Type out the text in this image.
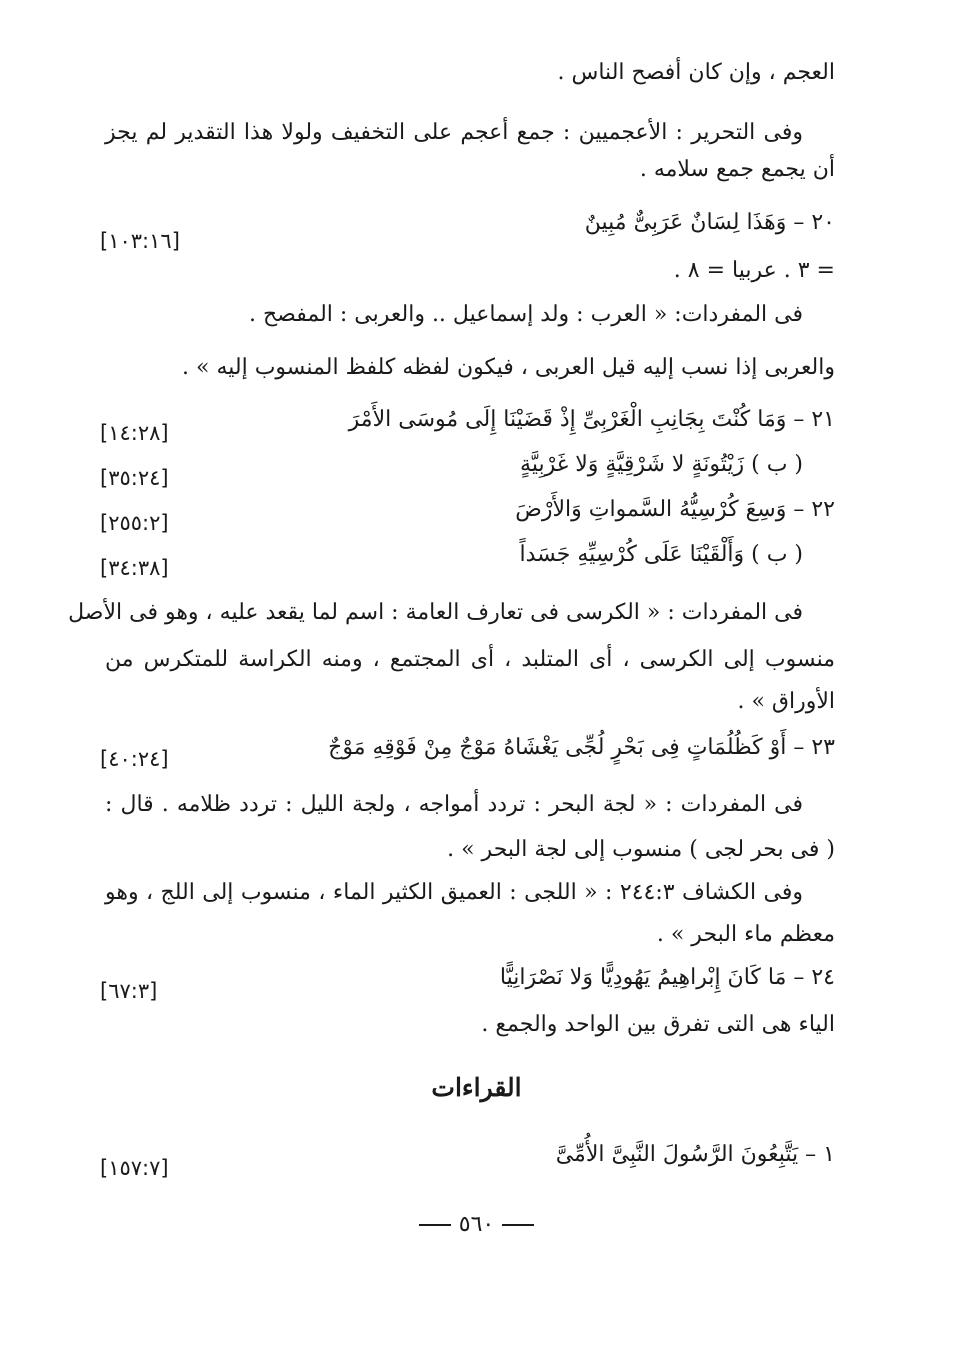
العجم ، وإن كان أفصح الناس .
وفى التحرير : الأعجميين : جمع أعجم على التخفيف ولولا هذا التقدير لم يجز
أن يجمع جمع سلامه .
٢٠ – وَهَذَا لِسَانٌ عَرَبِىٌّ مُبِينٌ
[١٠٣:١٦]
= ٣ . عربيا = ٨ .
فى المفردات: « العرب : ولد إسماعيل .. والعربى : المفصح .
والعربى إذا نسب إليه قيل العربى ، فيكون لفظه كلفظ المنسوب إليه » .
٢١ – وَمَا كُنْتَ بِجَانِبِ الْغَرْبِىِّ إِذْ قَضَيْنَا إِلَى مُوسَى الأَمْرَ
[١٤:٢٨]
( ب ) زَيْتُونَةٍ لا شَرْقِيَّةٍ وَلا غَرْبِيَّةٍ
[٣٥:٢٤]
٢٢ – وَسِعَ كُرْسِيُّهُ السَّمواتِ وَالأَرْضَ
[٢٥٥:٢]
( ب ) وَأَلْقَيْنَا عَلَى كُرْسِيِّهِ جَسَداً
[٣٤:٣٨]
فى المفردات : « الكرسى فى تعارف العامة : اسم لما يقعد عليه ، وهو فى الأصل
منسوب إلى الكرسى ، أى المتلبد ، أى المجتمع ، ومنه الكراسة للمتكرس من
الأوراق » .
٢٣ – أَوْ كَظُلُمَاتٍ فِى بَحْرٍ لُجِّى يَغْشَاهُ مَوْجٌ مِنْ فَوْقِهِ مَوْجٌ
[٤٠:٢٤]
فى المفردات : « لجة البحر : تردد أمواجه ، ولجة الليل : تردد ظلامه . قال :
( فى بحر لجى ) منسوب إلى لجة البحر » .
وفى الكشاف ٢٤٤:٣ : « اللجى : العميق الكثير الماء ، منسوب إلى اللج ، وهو
معظم ماء البحر » .
٢٤ – مَا كَانَ إِبْراهِيمُ يَهُودِيًّا وَلا نَصْرَانِيًّا
[٦٧:٣]
الياء هى التى تفرق بين الواحد والجمع .
القراءات
١ – يَتَّبِعُونَ الرَّسُولَ النَّبِىَّ الأُمِّىَّ
[١٥٧:٧]
٥٦٠
